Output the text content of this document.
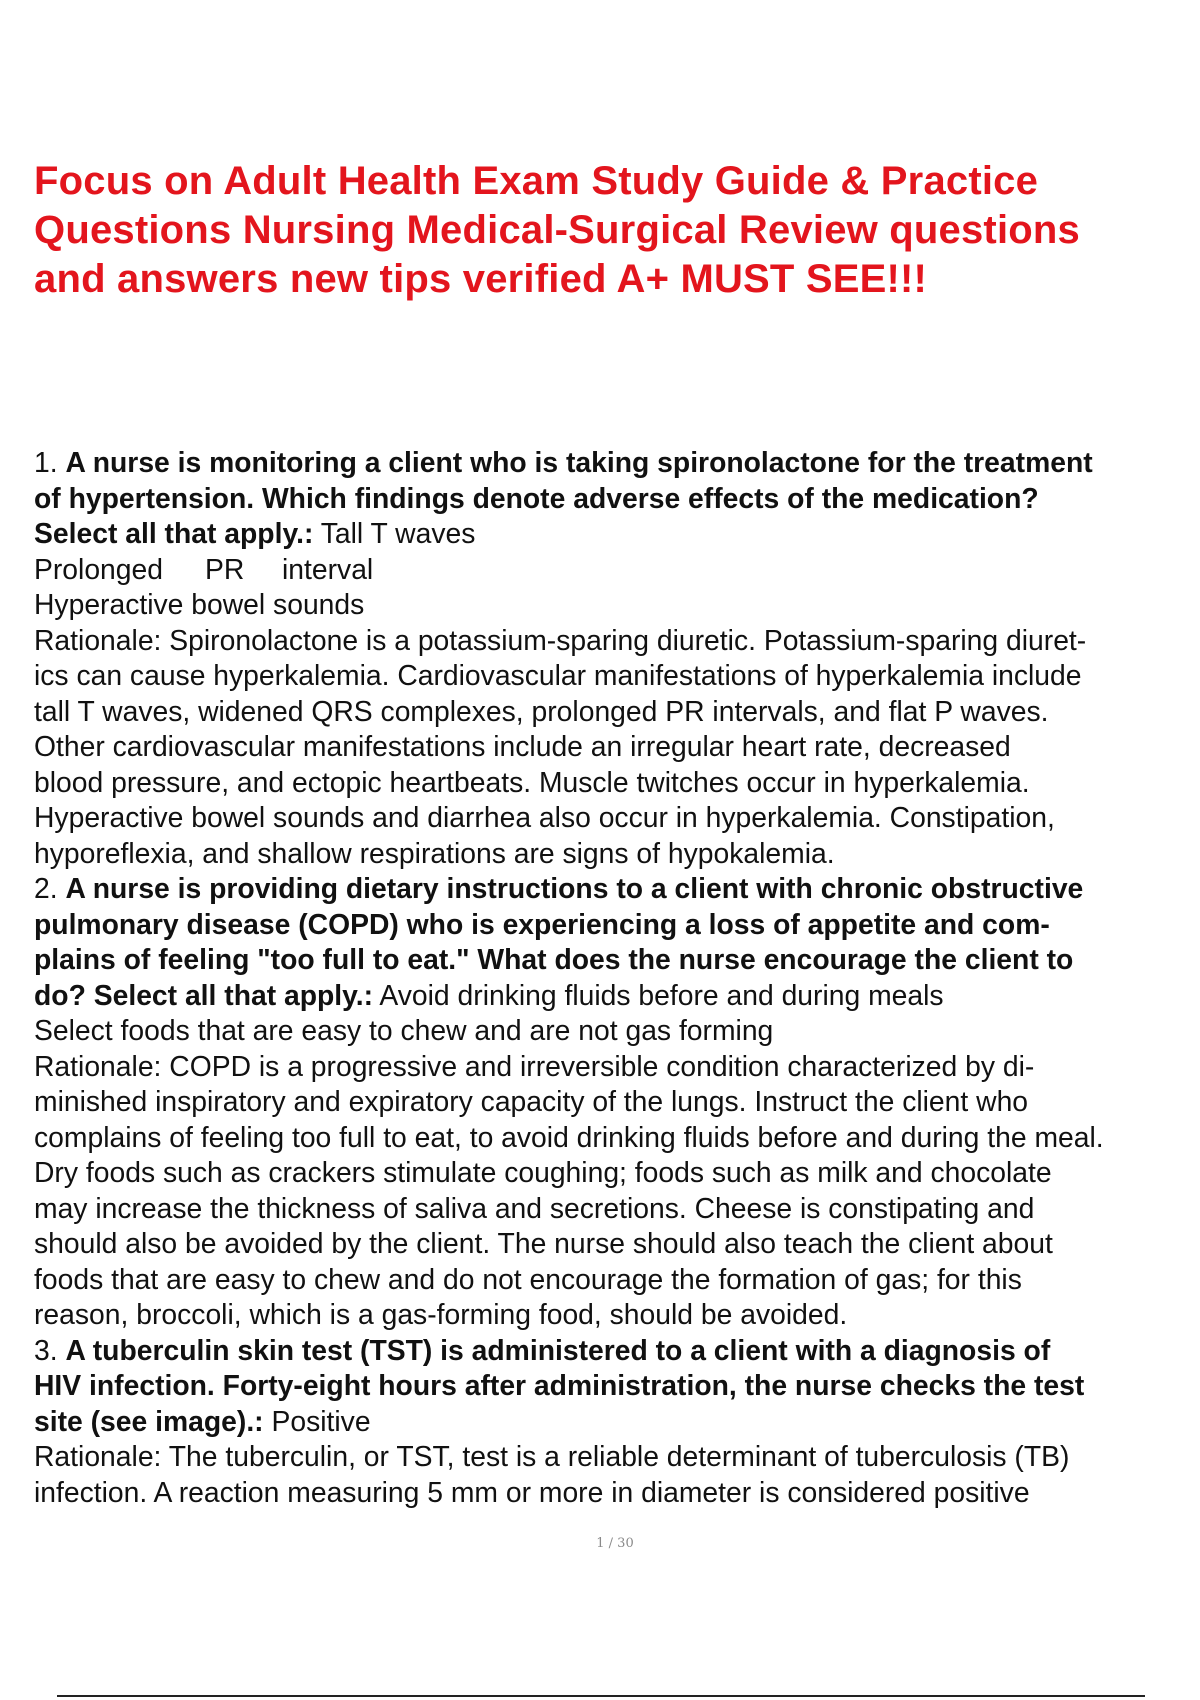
Focus on Adult Health Exam Study Guide & Practice
Questions Nursing Medical-Surgical Review questions
and answers new tips verified A+ MUST SEE!!!
1. A nurse is monitoring a client who is taking spironolactone for the treatment
of hypertension. Which findings denote adverse effects of the medication?
Select all that apply.: Tall T waves
Prolonged PR interval
Hyperactive bowel sounds
Rationale: Spironolactone is a potassium-sparing diuretic. Potassium-sparing diuret-
ics can cause hyperkalemia. Cardiovascular manifestations of hyperkalemia include
tall T waves, widened QRS complexes, prolonged PR intervals, and flat P waves.
Other cardiovascular manifestations include an irregular heart rate, decreased
blood pressure, and ectopic heartbeats. Muscle twitches occur in hyperkalemia.
Hyperactive bowel sounds and diarrhea also occur in hyperkalemia. Constipation,
hyporeflexia, and shallow respirations are signs of hypokalemia.
2. A nurse is providing dietary instructions to a client with chronic obstructive
pulmonary disease (COPD) who is experiencing a loss of appetite and com-
plains of feeling "too full to eat." What does the nurse encourage the client to
do? Select all that apply.: Avoid drinking fluids before and during meals
Select foods that are easy to chew and are not gas forming
Rationale: COPD is a progressive and irreversible condition characterized by di-
minished inspiratory and expiratory capacity of the lungs. Instruct the client who
complains of feeling too full to eat, to avoid drinking fluids before and during the meal.
Dry foods such as crackers stimulate coughing; foods such as milk and chocolate
may increase the thickness of saliva and secretions. Cheese is constipating and
should also be avoided by the client. The nurse should also teach the client about
foods that are easy to chew and do not encourage the formation of gas; for this
reason, broccoli, which is a gas-forming food, should be avoided.
3. A tuberculin skin test (TST) is administered to a client with a diagnosis of
HIV infection. Forty-eight hours after administration, the nurse checks the test
site (see image).: Positive
Rationale: The tuberculin, or TST, test is a reliable determinant of tuberculosis (TB)
infection. A reaction measuring 5 mm or more in diameter is considered positive
1 / 30
